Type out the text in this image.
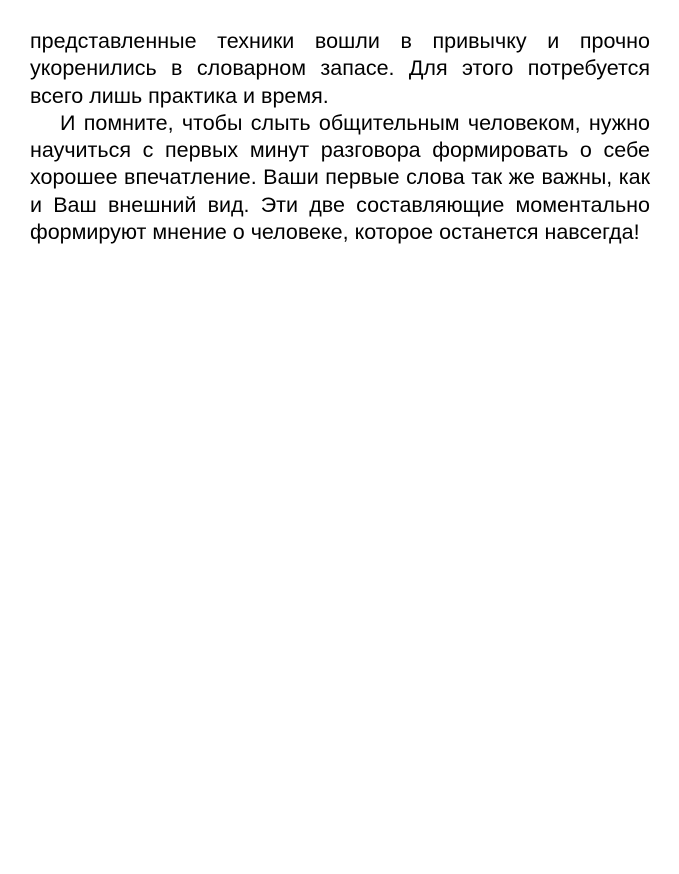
представленные техники вошли в привычку и прочно укоренились в словарном запасе. Для этого потребуется всего лишь практика и время.

И помните, чтобы слыть общительным человеком, нужно научиться с первых минут разговора формировать о себе хорошее впечатление. Ваши первые слова так же важны, как и Ваш внешний вид. Эти две составляющие моментально формируют мнение о человеке, которое останется навсегда!
